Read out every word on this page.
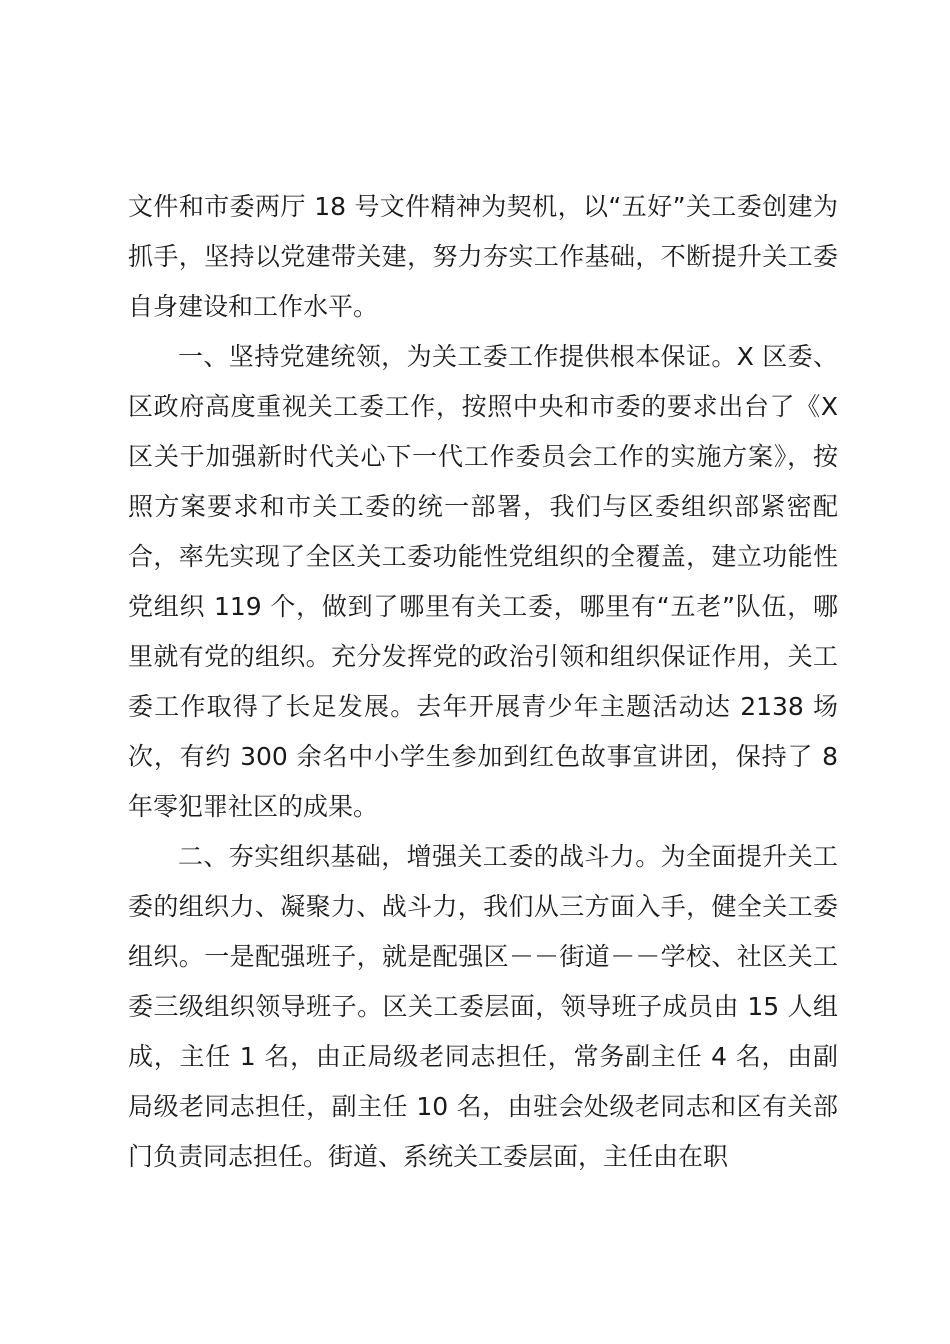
文件和市委两厅 18 号文件精神为契机，以“五好”关工委创建为抓手，坚持以党建带关建，努力夯实工作基础，不断提升关工委自身建设和工作水平。

一、坚持党建统领，为关工委工作提供根本保证。X 区委、区政府高度重视关工委工作，按照中央和市委的要求出台了《X 区关于加强新时代关心下一代工作委员会工作的实施方案》，按照方案要求和市关工委的统一部署，我们与区委组织部紧密配合，率先实现了全区关工委功能性党组织的全覆盖，建立功能性党组织 119 个，做到了哪里有关工委，哪里有“五老”队伍，哪里就有党的组织。充分发挥党的政治引领和组织保证作用，关工委工作取得了长足发展。去年开展青少年主题活动达 2138 场次，有约 300 余名中小学生参加到红色故事宣讲团，保持了 8 年零犯罪社区的成果。

二、夯实组织基础，增强关工委的战斗力。为全面提升关工委的组织力、凝聚力、战斗力，我们从三方面入手，健全关工委组织。一是配强班子，就是配强区－－街道－－学校、社区关工委三级组织领导班子。区关工委层面，领导班子成员由 15 人组成，主任 1 名，由正局级老同志担任，常务副主任 4 名，由副局级老同志担任，副主任 10 名，由驻会处级老同志和区有关部门负责同志担任。街道、系统关工委层面，主任由在职
